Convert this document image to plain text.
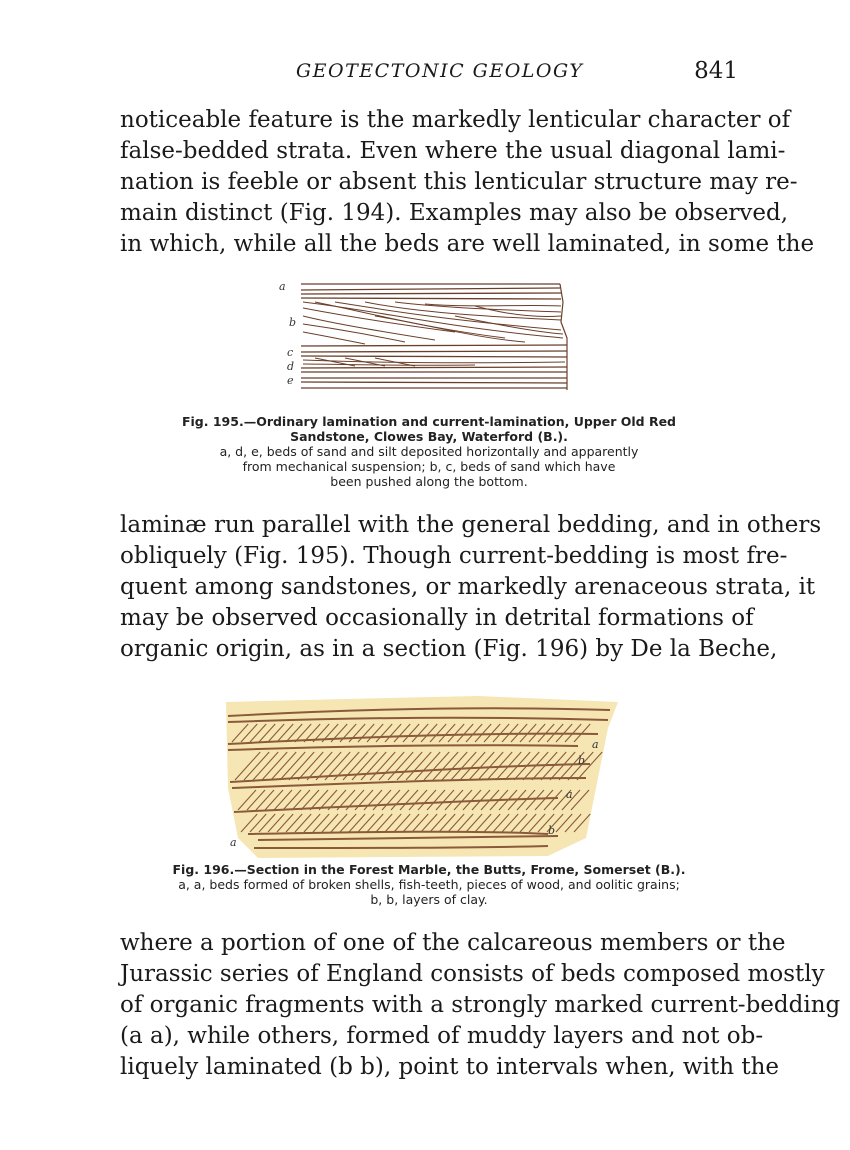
GEOTECTONIC GEOLOGY	841

noticeable feature is the markedly lenticular character of
false-bedded strata. Even where the usual diagonal lami-
nation is feeble or absent this lenticular structure may re-
main distinct (Fig. 194). Examples may also be observed,
in which, while all the beds are well laminated, in some the

a
b
c
d
e
Fig. 195.—Ordinary lamination and current-lamination, Upper Old Red
Sandstone, Clowes Bay, Waterford (B.).
a, d, e, beds of sand and silt deposited horizontally and apparently
from mechanical suspension; b, c, beds of sand which have
been pushed along the bottom.

laminæ run parallel with the general bedding, and in others
obliquely (Fig. 195). Though current-bedding is most fre-
quent among sandstones, or markedly arenaceous strata, it
may be observed occasionally in detrital formations of
organic origin, as in a section (Fig. 196) by De la Beche,

a
b
a
b
a
Fig. 196.—Section in the Forest Marble, the Butts, Frome, Somerset (B.).
a, a, beds formed of broken shells, fish-teeth, pieces of wood, and oolitic grains;
b, b, layers of clay.

where a portion of one of the calcareous members or the
Jurassic series of England consists of beds composed mostly
of organic fragments with a strongly marked current-bedding
(a a), while others, formed of muddy layers and not ob-
liquely laminated (b b), point to intervals when, with the
